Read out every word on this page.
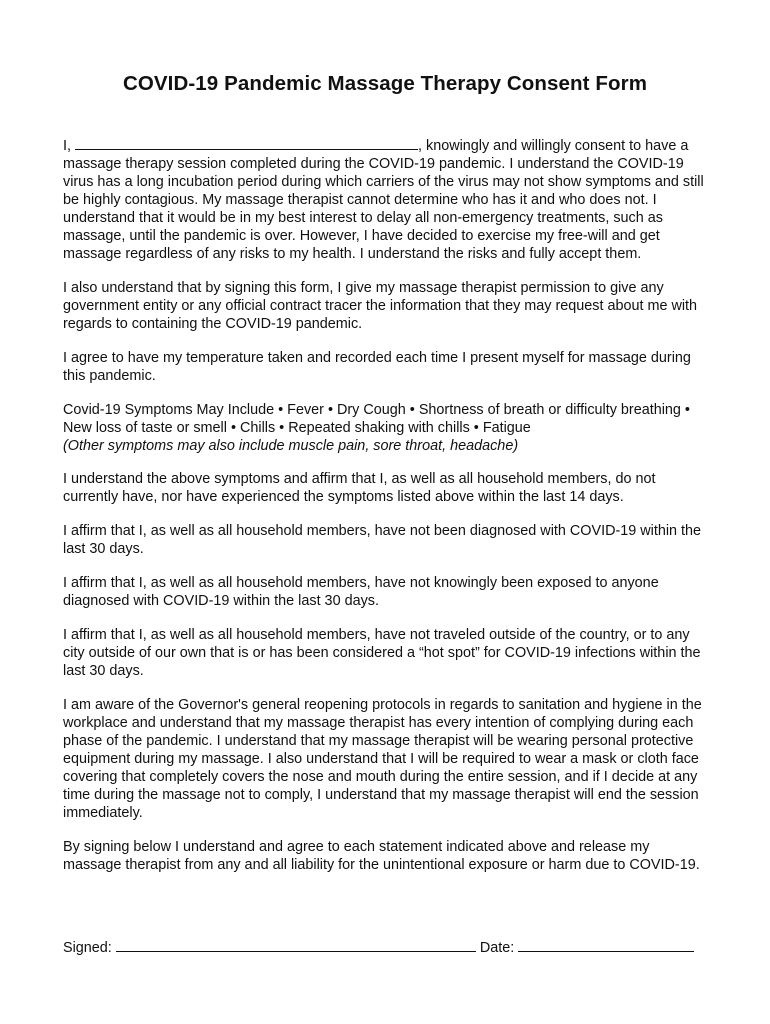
COVID-19 Pandemic Massage Therapy Consent Form

I,	, knowingly and willingly consent to have a massage therapy session completed during the COVID-19 pandemic. I understand the COVID-19 virus has a long incubation period during which carriers of the virus may not show symptoms and still be highly contagious. My massage therapist cannot determine who has it and who does not. I understand that it would be in my best interest to delay all non-emergency treatments, such as massage, until the pandemic is over. However, I have decided to exercise my free-will and get massage regardless of any risks to my health. I understand the risks and fully accept them.

I also understand that by signing this form, I give my massage therapist permission to give any government entity or any official contract tracer the information that they may request about me with regards to containing the COVID-19 pandemic.

I agree to have my temperature taken and recorded each time I present myself for massage during this pandemic.

Covid-19 Symptoms May Include • Fever • Dry Cough • Shortness of breath or difficulty breathing • New loss of taste or smell • Chills • Repeated shaking with chills • Fatigue
(Other symptoms may also include muscle pain, sore throat, headache)

I understand the above symptoms and affirm that I, as well as all household members, do not currently have, nor have experienced the symptoms listed above within the last 14 days.

I affirm that I, as well as all household members, have not been diagnosed with COVID-19 within the last 30 days.

I affirm that I, as well as all household members, have not knowingly been exposed to anyone diagnosed with COVID-19 within the last 30 days.

I affirm that I, as well as all household members, have not traveled outside of the country, or to any city outside of our own that is or has been considered a “hot spot” for COVID-19 infections within the last 30 days.

I am aware of the Governor's general reopening protocols in regards to sanitation and hygiene in the workplace and understand that my massage therapist has every intention of complying during each phase of the pandemic. I understand that my massage therapist will be wearing personal protective equipment during my massage. I also understand that I will be required to wear a mask or cloth face covering that completely covers the nose and mouth during the entire session, and if I decide at any time during the massage not to comply, I understand that my massage therapist will end the session immediately.

By signing below I understand and agree to each statement indicated above and release my massage therapist from any and all liability for the unintentional exposure or harm due to COVID-19.

Signed:	Date:
